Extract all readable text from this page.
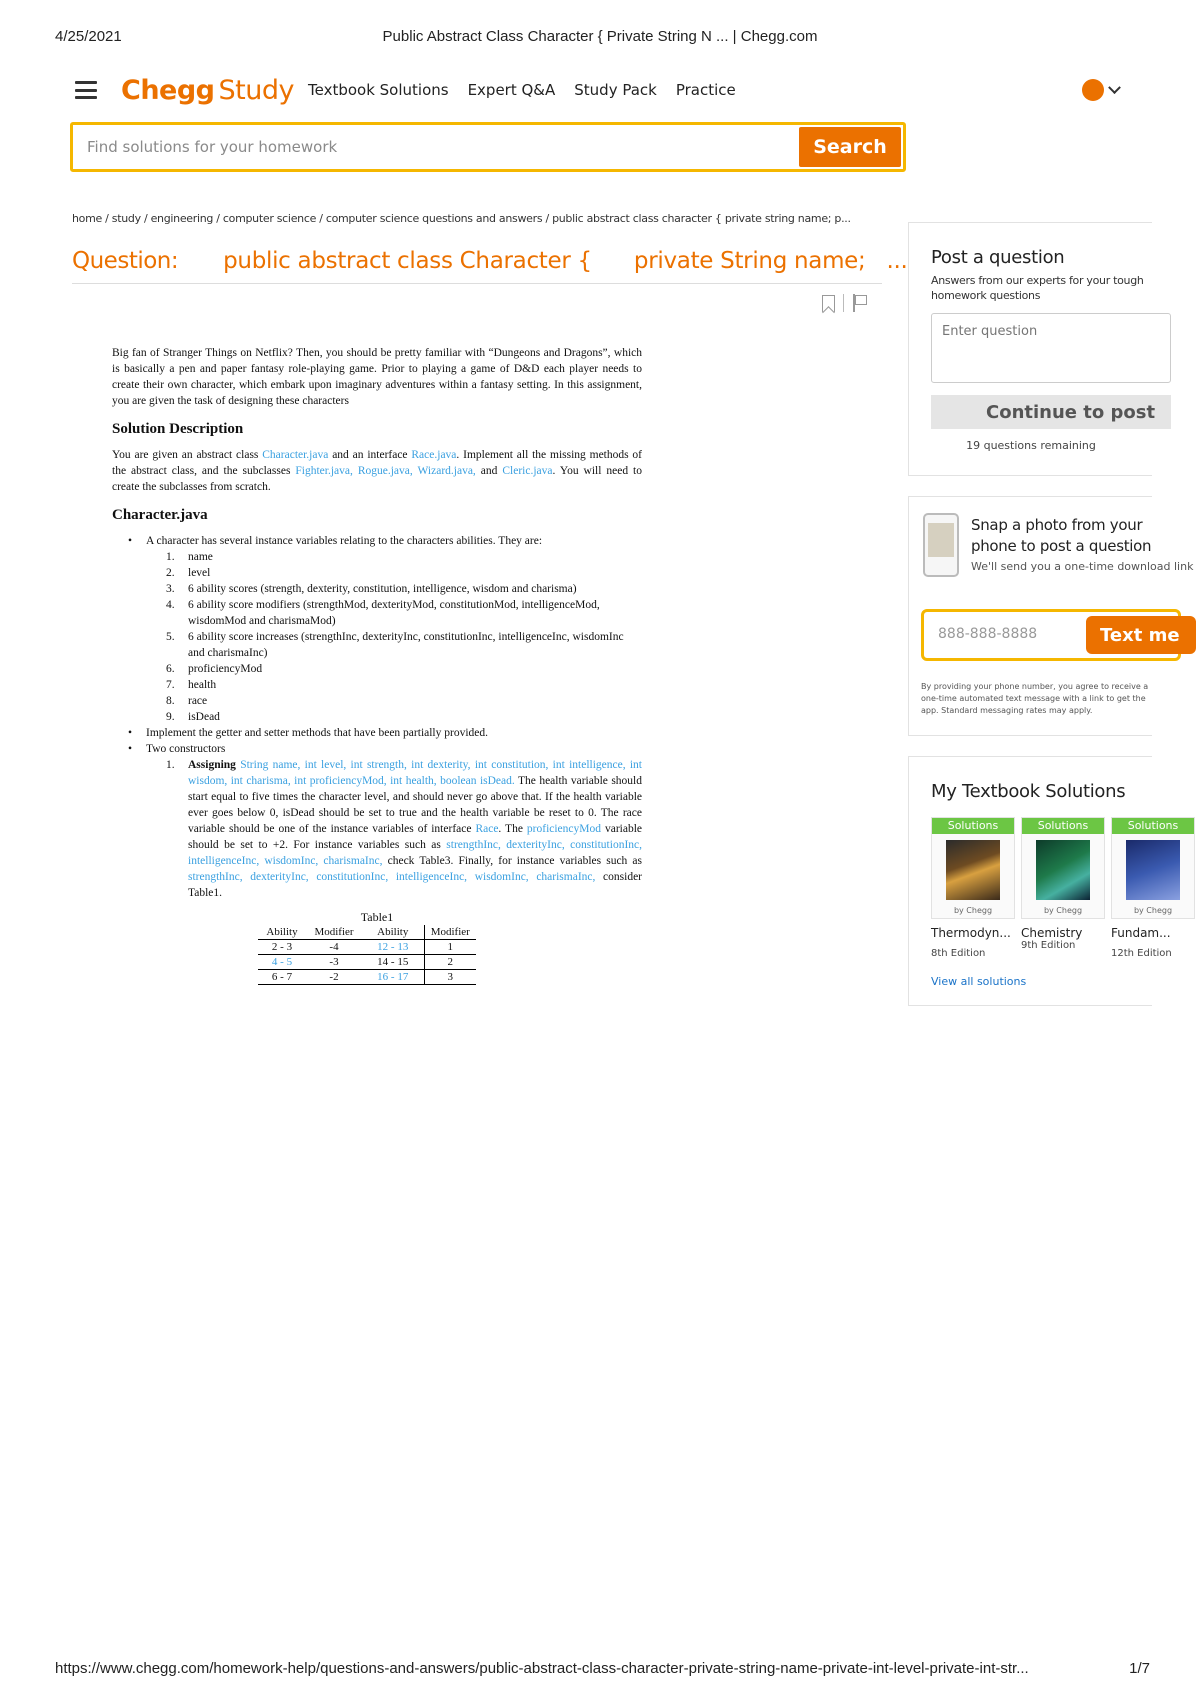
4/25/2021	Public Abstract Class Character { Private String N ... | Chegg.com
Chegg Study Textbook Solutions Expert Q&A Study Pack Practice
Find solutions for your homework
Search
home / study / engineering / computer science / computer science questions and answers / public abstract class character { private string name; p...
Question: public abstract class Character {      private String name;   ...

Big fan of Stranger Things on Netflix? Then, you should be pretty familiar with “Dungeons and Dragons”, which is basically a pen and paper fantasy role-playing game. Prior to playing a game of D&D each player needs to create their own character, which embark upon imaginary adventures within a fantasy setting. In this assignment, you are given the task of designing these characters

Solution Description

You are given an abstract class Character.java and an interface Race.java. Implement all the missing methods of the abstract class, and the subclasses Fighter.java, Rogue.java, Wizard.java, and Cleric.java. You will need to create the subclasses from scratch.

Character.java
• A character has several instance variables relating to the characters abilities. They are:
1. name
2. level
3. 6 ability scores (strength, dexterity, constitution, intelligence, wisdom and charisma)
4. 6 ability score modifiers (strengthMod, dexterityMod, constitutionMod, intelligenceMod, wisdomMod and charismaMod)
5. 6 ability score increases (strengthInc, dexterityInc, constitutionInc, intelligenceInc, wisdomInc and charismaInc)
6. proficiencyMod
7. health
8. race
9. isDead
• Implement the getter and setter methods that have been partially provided.
• Two constructors
1. Assigning String name, int level, int strength, int dexterity, int constitution, int intelligence, int wisdom, int charisma, int proficiencyMod, int health, boolean isDead. The health variable should start equal to five times the character level, and should never go above that. If the health variable ever goes below 0, isDead should be set to true and the health variable be reset to 0. The race variable should be one of the instance variables of interface Race. The proficiencyMod variable should be set to +2. For instance variables such as strengthInc, dexterityInc, constitutionInc, intelligenceInc, wisdomInc, charismaInc, check Table3. Finally, for instance variables such as strengthInc, dexterityInc, constitutionInc, intelligenceInc, wisdomInc, charismaInc, consider Table1.
Table1
Ability	Modifier	Ability	Modifier
2 - 3	-4	12 - 13	1
4 - 5	-3	14 - 15	2
6 - 7	-2	16 - 17	3
Post a question
Answers from our experts for your tough homework questions
Enter question
Continue to post
19 questions remaining
Snap a photo from your phone to post a question
We'll send you a one-time download link
888-888-8888
Text me
By providing your phone number, you agree to receive a one-time automated text message with a link to get the app. Standard messaging rates may apply.
My Textbook Solutions
Solutions
by Chegg
Thermodyn...
8th Edition
Solutions
by Chegg
Chemistry
9th Edition
Solutions
by Chegg
Fundam...
12th Edition
View all solutions
https://www.chegg.com/homework-help/questions-and-answers/public-abstract-class-character-private-string-name-private-int-level-private-int-str...	1/7
